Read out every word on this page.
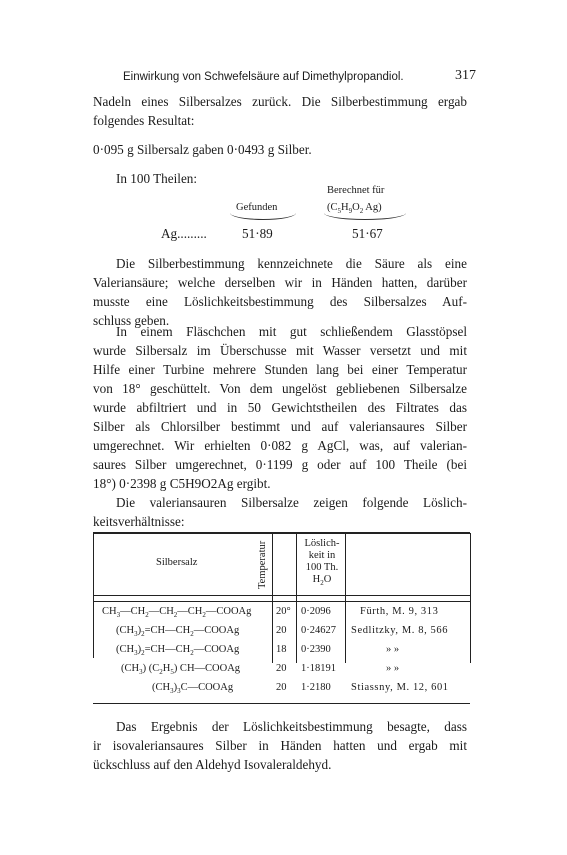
Einwirkung von Schwefelsäure auf Dimethylpropandiol.	317
Nadeln eines Silbersalzes zurück. Die Silberbestimmung ergab
folgendes Resultat:
0·095 g Silbersalz gaben 0·0493 g Silber.
In 100 Theilen:
Berechnet für
Gefunden	($C_5H_9O_2$ Ag)
Ag.........	51·89	51·67
Die Silberbestimmung kennzeichnete die Säure als eine
Valeriansäure; welche derselben wir in Händen hatten, darüber
musste eine Löslichkeitsbestimmung des Silbersalzes Auf-
schluss geben.
In einem Fläschchen mit gut schließendem Glasstöpsel
wurde Silbersalz im Überschusse mit Wasser versetzt und mit
Hilfe einer Turbine mehrere Stunden lang bei einer Temperatur
von 18° geschüttelt. Von dem ungelöst gebliebenen Silbersalze
wurde abfiltriert und in 50 Gewichtstheilen des Filtrates das
Silber als Chlorsilber bestimmt und auf valeriansaures Silber
umgerechnet. Wir erhielten 0·082 g AgCl, was, auf valerian-
saures Silber umgerechnet, 0·1199 g oder auf 100 Theile (bei
18°) 0·2398 g C5H9O2Ag ergibt.
Die valeriansauren Silbersalze zeigen folgende Löslich-
keitsverhältnisse:
Silbersalz	Temperatur	Löslich-
keit in
100 Th.
$H_2O$
$CH_3—CH_2—CH_2—CH_2—COOAg$ 20° 0·2096	Fürth, M. 9, 313
$(CH_3)_2=CH—CH_2—COOAg$	20 0·24627 Sedlitzky, M. 8, 566
$(CH_3)_2=CH—CH_2—COOAg$	18 0·2390	» »
$(CH_3)$ $(C_2H_5)$ CH—COOAg	20 1·18191	» »
$(CH_3)_3C—COOAg$	20 1·2180 Stiassny, M. 12, 601
Das Ergebnis der Löslichkeitsbestimmung besagte, dass
ir isovaleriansaures Silber in Händen hatten und ergab mit
ückschluss auf den Aldehyd Isovaleraldehyd.
